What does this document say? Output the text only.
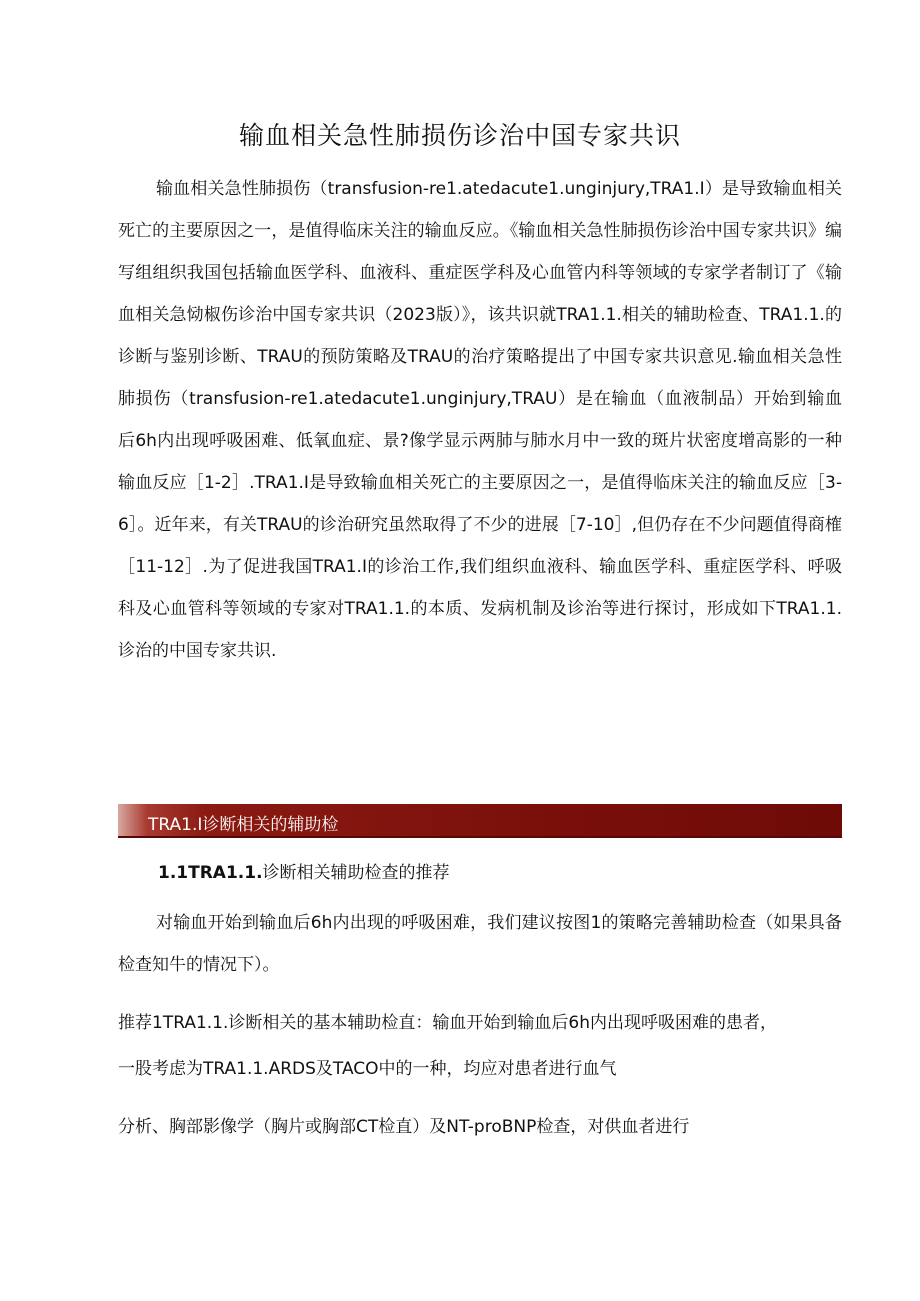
输血相关急性肺损伤诊治中国专家共识

输血相关急性肺损伤（transfusion-re1.atedacute1.unginjury,TRA1.I）是导致输血相关死亡的主要原因之一，是值得临床关注的输血反应。《输血相关急性肺损伤诊治中国专家共识》编写组组织我国包括输血医学科、血液科、重症医学科及心血管内科等领域的专家学者制订了《输血相关急恸椒伤诊治中国专家共识（2023版）》，该共识就TRA1.1.相关的辅助检查、TRA1.1.的诊断与鉴别诊断、TRAU的预防策略及TRAU的治疗策略提出了中国专家共识意见.输血相关急性肺损伤（transfusion-re1.atedacute1.unginjury,TRAU）是在输血（血液制品）开始到输血后6h内出现呼吸困难、低氧血症、景?像学显示两肺与肺水月中一致的斑片状密度增高影的一种输血反应［1-2］.TRA1.I是导致输血相关死亡的主要原因之一，是值得临床关注的输血反应［3-6］。近年来，有关TRAU的诊治研究虽然取得了不少的进展［7-10］,但仍存在不少问题值得商榷［11-12］.为了促进我国TRA1.I的诊治工作,我们组织血液科、输血医学科、重症医学科、呼吸科及心血管科等领域的专家对TRA1.1.的本质、发病机制及诊治等进行探讨，形成如下TRA1.1.诊治的中国专家共识.

TRA1.I诊断相关的辅助检
1.1TRA1.1.诊断相关辅助检查的推荐

对输血开始到输血后6h内出现的呼吸困难，我们建议按图1的策略完善辅助检查（如果具备检查知牛的情况下）。

推荐1TRA1.1.诊断相关的基本辅助检直：输血开始到输血后6h内出现呼吸困难的患者，

一股考虑为TRA1.1.ARDS及TACO中的一种，均应对患者进行血气

分析、胸部影像学（胸片或胸部CT检直）及NT-proBNP检查，对供血者进行
